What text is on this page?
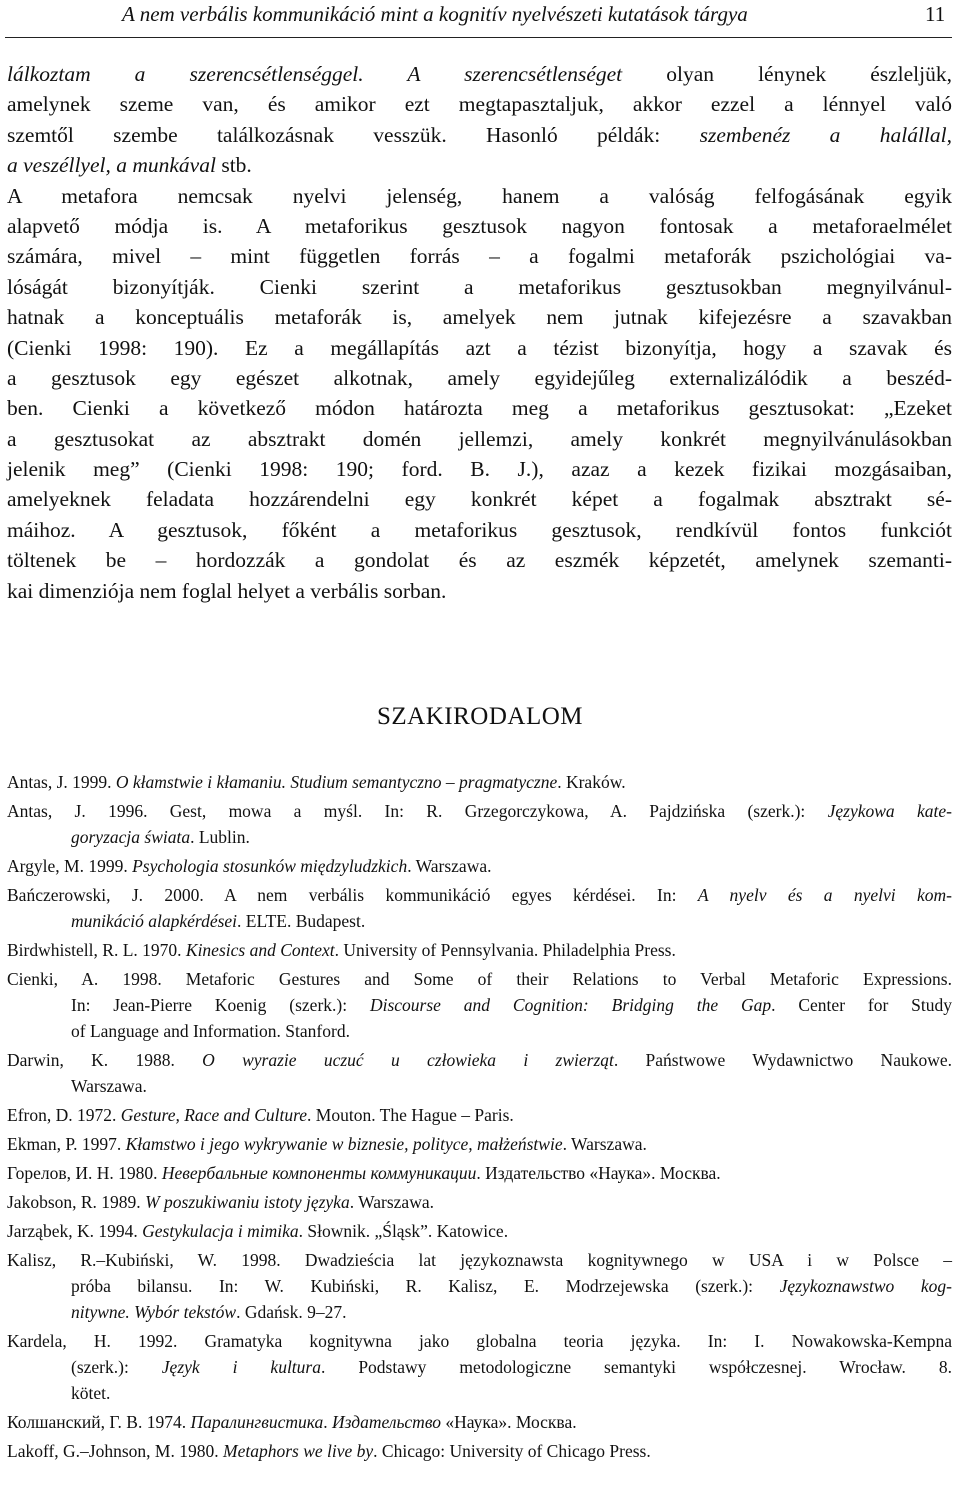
A nem verbális kommunikáció mint a kognitív nyelvészeti kutatások tárgya	11
lálkoztam a szerencsétlenséggel. A szerencsétlenséget olyan lénynek észleljük,
amelynek szeme van, és amikor ezt megtapasztaljuk, akkor ezzel a lénnyel való
szemtől szembe találkozásnak vesszük. Hasonló példák: szembenéz a halállal,
a veszéllyel, a munkával stb.
A metafora nemcsak nyelvi jelenség, hanem a valóság felfogásának egyik
alapvető módja is. A metaforikus gesztusok nagyon fontosak a metaforaelmélet
számára, mivel – mint független forrás – a fogalmi metaforák pszichológiai va-
lóságát bizonyítják. Cienki szerint a metaforikus gesztusokban megnyilvánul-
hatnak a konceptuális metaforák is, amelyek nem jutnak kifejezésre a szavakban
(Cienki 1998: 190). Ez a megállapítás azt a tézist bizonyítja, hogy a szavak és
a gesztusok egy egészet alkotnak, amely egyidejűleg externalizálódik a beszéd-
ben. Cienki a következő módon határozta meg a metaforikus gesztusokat: „Ezeket
a gesztusokat az absztrakt domén jellemzi, amely konkrét megnyilvánulásokban
jelenik meg” (Cienki 1998: 190; ford. B. J.), azaz a kezek fizikai mozgásaiban,
amelyeknek feladata hozzárendelni egy konkrét képet a fogalmak absztrakt sé-
máihoz. A gesztusok, főként a metaforikus gesztusok, rendkívül fontos funkciót
töltenek be – hordozzák a gondolat és az eszmék képzetét, amelynek szemanti-
kai dimenziója nem foglal helyet a verbális sorban.
SZAKIRODALOM
Antas, J. 1999. O kłamstwie i kłamaniu. Studium semantyczno – pragmatyczne. Kraków.
Antas, J. 1996. Gest, mowa a myśl. In: R. Grzegorczykowa, A. Pajdzińska (szerk.): Językowa kate-
goryzacja świata. Lublin.
Argyle, M. 1999. Psychologia stosunków międzyludzkich. Warszawa.
Bańczerowski, J. 2000. A nem verbális kommunikáció egyes kérdései. In: A nyelv és a nyelvi kom-
munikáció alapkérdései. ELTE. Budapest.
Birdwhistell, R. L. 1970. Kinesics and Context. University of Pennsylvania. Philadelphia Press.
Cienki, A. 1998. Metaforic Gestures and Some of their Relations to Verbal Metaforic Expressions.
In: Jean-Pierre Koenig (szerk.): Discourse and Cognition: Bridging the Gap. Center for Study
of Language and Information. Stanford.
Darwin, K. 1988. O wyrazie uczuć u człowieka i zwierząt. Państwowe Wydawnictwo Naukowe.
Warszawa.
Efron, D. 1972. Gesture, Race and Culture. Mouton. The Hague – Paris.
Ekman, P. 1997. Kłamstwo i jego wykrywanie w biznesie, polityce, małżeństwie. Warszawa.
Горелов, И. Н. 1980. Невербальные компоненты коммуникации. Издательство «Наука». Москва.
Jakobson, R. 1989. W poszukiwaniu istoty języka. Warszawa.
Jarząbek, K. 1994. Gestykulacja i mimika. Słownik. „Śląsk”. Katowice.
Kalisz, R.–Kubiński, W. 1998. Dwadzieścia lat językoznawsta kognitywnego w USA i w Polsce –
próba bilansu. In: W. Kubiński, R. Kalisz, E. Modrzejewska (szerk.): Językoznawstwo kog-
nitywne. Wybór tekstów. Gdańsk. 9–27.
Kardela, H. 1992. Gramatyka kognitywna jako globalna teoria języka. In: I. Nowakowska-Kempna
(szerk.): Język i kultura. Podstawy metodologiczne semantyki współczesnej. Wrocław. 8.
kötet.
Колшанский, Г. В. 1974. Паралингвистика. Издательство «Наука». Москва.
Lakoff, G.–Johnson, M. 1980. Metaphors we live by. Chicago: University of Chicago Press.
